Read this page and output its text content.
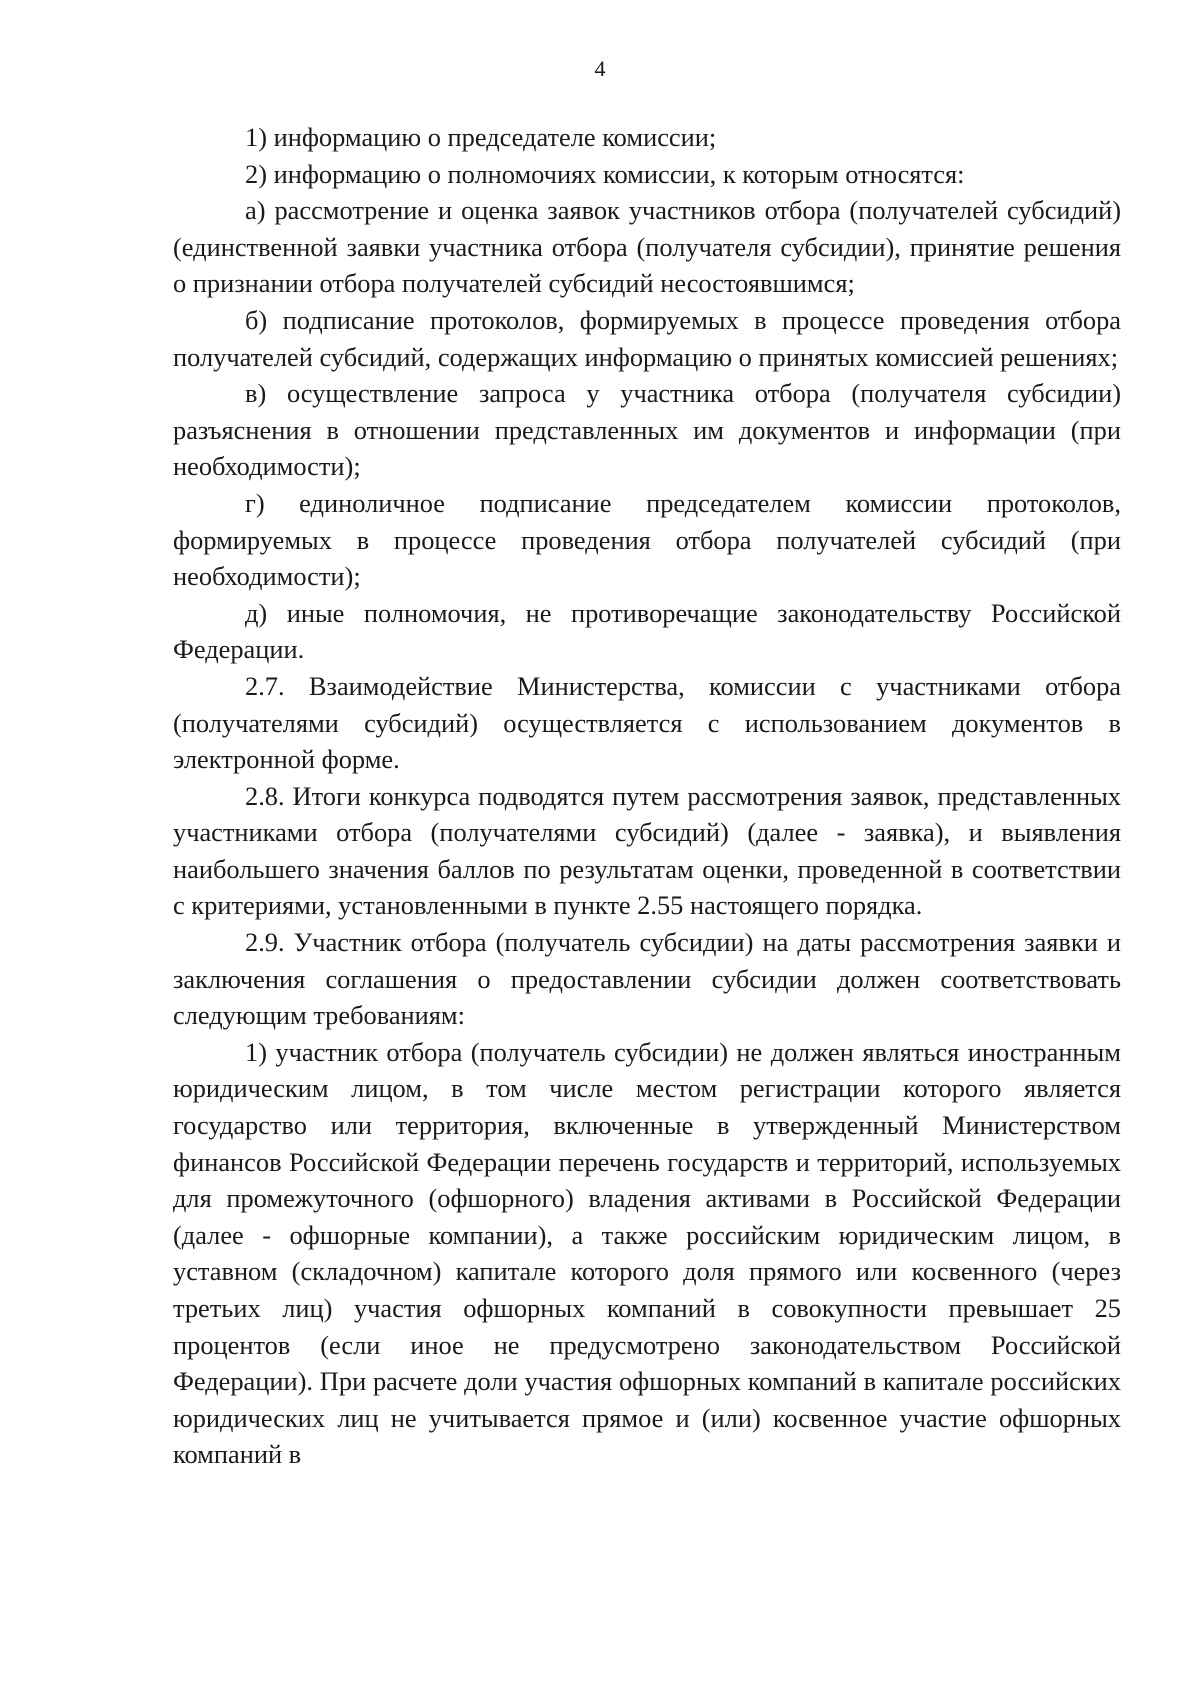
4

1) информацию о председателе комиссии;

2) информацию о полномочиях комиссии, к которым относятся:

а) рассмотрение и оценка заявок участников отбора (получателей субсидий) (единственной заявки участника отбора (получателя субсидии), принятие решения о признании отбора получателей субсидий несостоявшимся;

б) подписание протоколов, формируемых в процессе проведения отбора получателей субсидий, содержащих информацию о принятых комиссией решениях;

в) осуществление запроса у участника отбора (получателя субсидии) разъяснения в отношении представленных им документов и информации (при необходимости);

г) единоличное подписание председателем комиссии протоколов, формируемых в процессе проведения отбора получателей субсидий (при необходимости);

д) иные полномочия, не противоречащие законодательству Российской Федерации.

2.7. Взаимодействие Министерства, комиссии с участниками отбора (получателями субсидий) осуществляется с использованием документов в электронной форме.

2.8. Итоги конкурса подводятся путем рассмотрения заявок, представленных участниками отбора (получателями субсидий) (далее - заявка), и выявления наибольшего значения баллов по результатам оценки, проведенной в соответствии с критериями, установленными в пункте 2.55 настоящего порядка.

2.9. Участник отбора (получатель субсидии) на даты рассмотрения заявки и заключения соглашения о предоставлении субсидии должен соответствовать следующим требованиям:

1) участник отбора (получатель субсидии) не должен являться иностранным юридическим лицом, в том числе местом регистрации которого является государство или территория, включенные в утвержденный Министерством финансов Российской Федерации перечень государств и территорий, используемых для промежуточного (офшорного) владения активами в Российской Федерации (далее - офшорные компании), а также российским юридическим лицом, в уставном (складочном) капитале которого доля прямого или косвенного (через третьих лиц) участия офшорных компаний в совокупности превышает 25 процентов (если иное не предусмотрено законодательством Российской Федерации). При расчете доли участия офшорных компаний в капитале российских юридических лиц не учитывается прямое и (или) косвенное участие офшорных компаний в
